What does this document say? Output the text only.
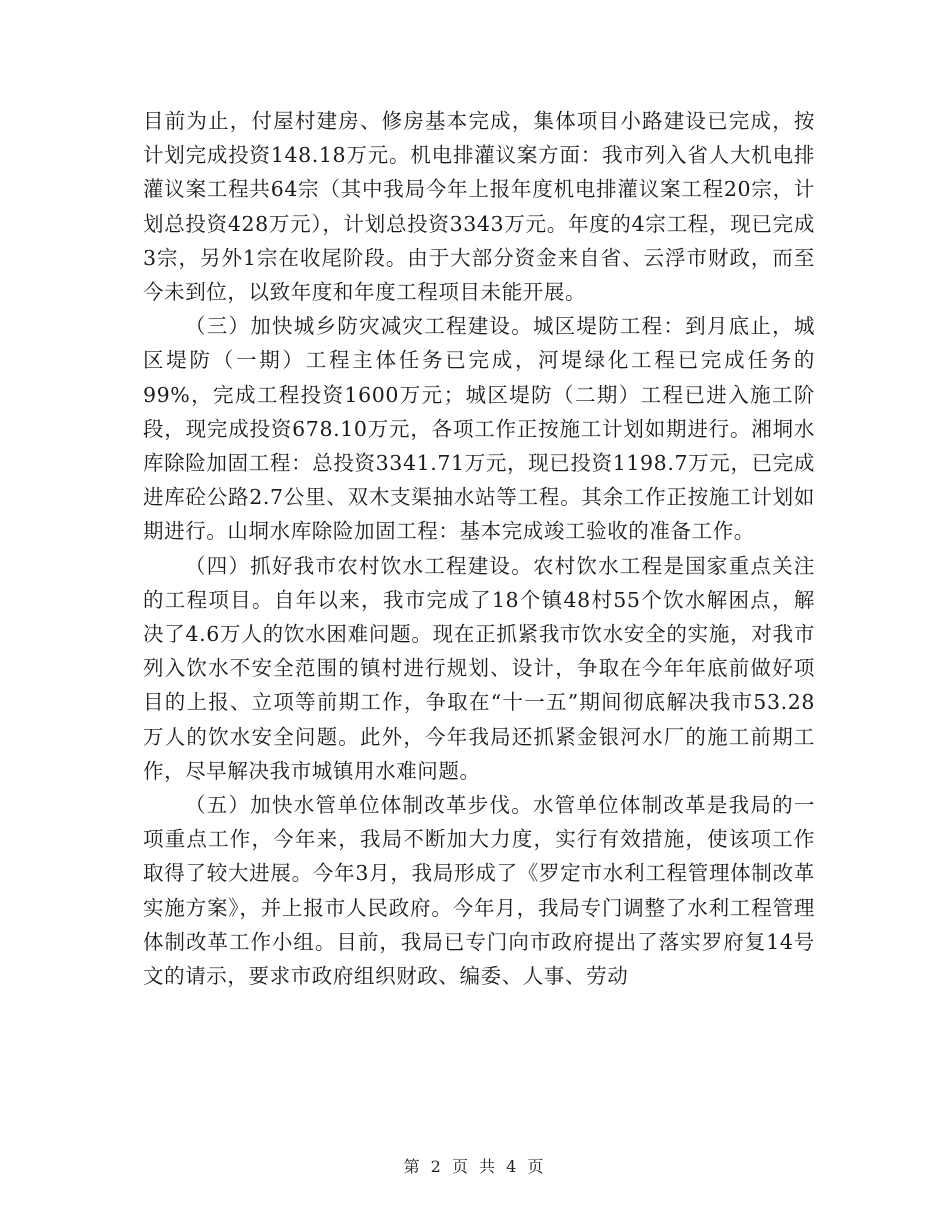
目前为止，付屋村建房、修房基本完成，集体项目小路建设已完成，按计划完成投资148.18万元。机电排灌议案方面：我市列入省人大机电排灌议案工程共64宗（其中我局今年上报年度机电排灌议案工程20宗，计划总投资428万元），计划总投资3343万元。年度的4宗工程，现已完成3宗，另外1宗在收尾阶段。由于大部分资金来自省、云浮市财政，而至今未到位，以致年度和年度工程项目未能开展。

（三）加快城乡防灾减灾工程建设。城区堤防工程：到月底止，城区堤防（一期）工程主体任务已完成，河堤绿化工程已完成任务的99%，完成工程投资1600万元；城区堤防（二期）工程已进入施工阶段，现完成投资678.10万元，各项工作正按施工计划如期进行。湘垌水库除险加固工程：总投资3341.71万元，现已投资1198.7万元，已完成进库砼公路2.7公里、双木支渠抽水站等工程。其余工作正按施工计划如期进行。山垌水库除险加固工程：基本完成竣工验收的准备工作。

（四）抓好我市农村饮水工程建设。农村饮水工程是国家重点关注的工程项目。自年以来，我市完成了18个镇48村55个饮水解困点，解决了4.6万人的饮水困难问题。现在正抓紧我市饮水安全的实施，对我市列入饮水不安全范围的镇村进行规划、设计，争取在今年年底前做好项目的上报、立项等前期工作，争取在“十一五”期间彻底解决我市53.28万人的饮水安全问题。此外，今年我局还抓紧金银河水厂的施工前期工作，尽早解决我市城镇用水难问题。

（五）加快水管单位体制改革步伐。水管单位体制改革是我局的一项重点工作，今年来，我局不断加大力度，实行有效措施，使该项工作取得了较大进展。今年3月，我局形成了《罗定市水利工程管理体制改革实施方案》，并上报市人民政府。今年月，我局专门调整了水利工程管理体制改革工作小组。目前，我局已专门向市政府提出了落实罗府复14号文的请示，要求市政府组织财政、编委、人事、劳动

第 2 页 共 4 页
